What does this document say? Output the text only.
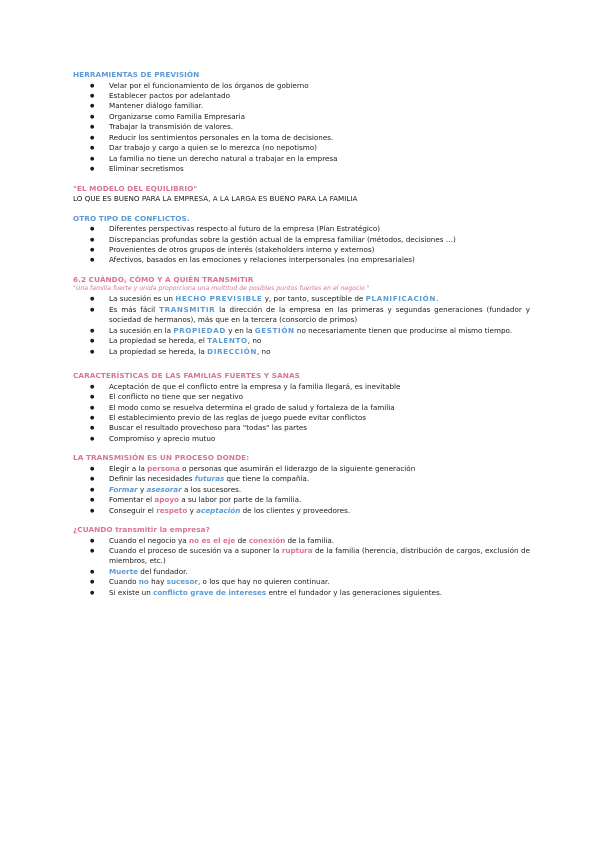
HERRAMIENTAS DE PREVISIÓN
● Velar por el funcionamiento de los órganos de gobierno
● Establecer pactos por adelantado
● Mantener diálogo familiar.
● Organizarse como Familia Empresaria
● Trabajar la transmisión de valores.
● Reducir los sentimientos personales en la toma de decisiones.
● Dar trabajo y cargo a quien se lo merezca (no nepotismo)
● La familia no tiene un derecho natural a trabajar en la empresa
● Eliminar secretismos
"EL MODELO DEL EQUILIBRIO"
LO QUE ES BUENO PARA LA EMPRESA, A LA LARGA ES BUENO PARA LA FAMILIA
OTRO TIPO DE CONFLICTOS.
● Diferentes perspectivas respecto al futuro de la empresa (Plan Estratégico)
● Discrepancias profundas sobre la gestión actual de la empresa familiar (métodos, decisiones …)
● Provenientes de otros grupos de interés (stakeholders interno y externos)
● Afectivos, basados en las emociones y relaciones interpersonales (no empresariales)
6.2 CUÁNDO, CÓMO Y A QUIÉN TRANSMITIR
"Una familia fuerte y unida proporciona una multitud de posibles puntos fuertes en el negocio "
● La sucesión es un HECHO PREVISIBLE y, por tanto, susceptible de PLANIFICACIÓN.
● Es más fácil TRANSMITIR la dirección de la empresa en las primeras y segundas generaciones (fundador y sociedad de hermanos), más que en la tercera (consorcio de primos)
● La sucesión en la PROPIEDAD y en la GESTIÓN no necesariamente tienen que producirse al mismo tiempo.
● La propiedad se hereda, el TALENTO, no
● La propiedad se hereda, la DIRECCIÓN, no
CARACTERÍSTICAS DE LAS FAMILIAS FUERTES Y SANAS
● Aceptación de que el conflicto entre la empresa y la familia llegará, es inevitable
● El conflicto no tiene que ser negativo
● El modo como se resuelva determina el grado de salud y fortaleza de la familia
● El establecimiento previo de las reglas de juego puede evitar conflictos
● Buscar el resultado provechoso para "todas" las partes
● Compromiso y aprecio mutuo
LA TRANSMISIÓN ES UN PROCESO DONDE:
● Elegir a la persona o personas que asumirán el liderazgo de la siguiente generación
● Definir las necesidades futuras que tiene la compañía.
● Formar y asesorar a los sucesores.
● Fomentar el apoyo a su labor por parte de la familia.
● Conseguir el respeto y aceptación de los clientes y proveedores.
¿CUANDO transmitir la empresa?
● Cuando el negocio ya no es el eje de conexión de la familia.
● Cuando el proceso de sucesión va a suponer la ruptura de la familia (herencia, distribución de cargos, exclusión de miembros, etc.)
● Muerte del fundador.
● Cuando no hay sucesor, o los que hay no quieren continuar.
● Si existe un conflicto grave de intereses entre el fundador y las generaciones siguientes.
